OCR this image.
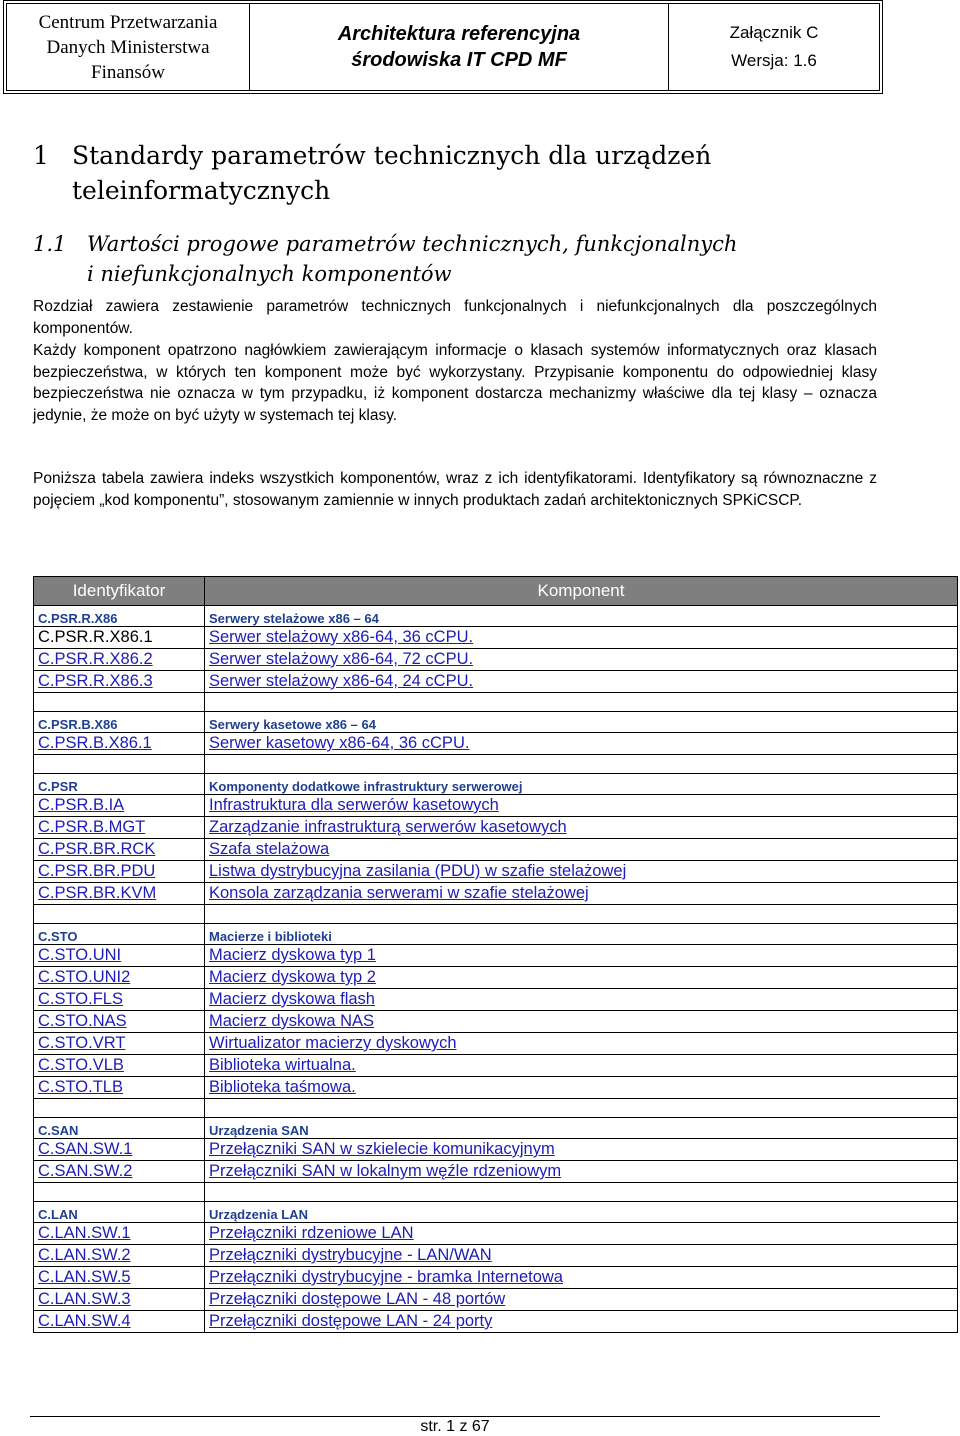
Centrum Przetwarzania
Danych Ministerstwa
Finansów
Architektura referencyjna
środowiska IT CPD MF
Załącznik C
Wersja: 1.6
1 Standardy parametrów technicznych dla urządzeń
teleinformatycznych
1.1 Wartości progowe parametrów technicznych, funkcjonalnych
i niefunkcjonalnych komponentów

Rozdział zawiera zestawienie parametrów technicznych funkcjonalnych i niefunkcjonalnych dla poszczególnych komponentów.

Każdy komponent opatrzono nagłówkiem zawierającym informacje o klasach systemów informatycznych oraz klasach bezpieczeństwa, w których ten komponent może być wykorzystany. Przypisanie komponentu do odpowiedniej klasy bezpieczeństwa nie oznacza w tym przypadku, iż komponent dostarcza mechanizmy właściwe dla tej klasy – oznacza jedynie, że może on być użyty w systemach tej klasy.

Poniższa tabela zawiera indeks wszystkich komponentów, wraz z ich identyfikatorami. Identyfikatory są równoznaczne z pojęciem „kod komponentu”, stosowanym zamiennie w innych produktach zadań architektonicznych SPKiCSCP.

Identyfikator	Komponent
C.PSR.R.X86	Serwery stelażowe x86 – 64
C.PSR.R.X86.1	Serwer stelażowy x86-64, 36 cCPU.
C.PSR.R.X86.2	Serwer stelażowy x86-64, 72 cCPU.
C.PSR.R.X86.3	Serwer stelażowy x86-64, 24 cCPU.

C.PSR.B.X86	Serwery kasetowe x86 – 64
C.PSR.B.X86.1	Serwer kasetowy x86-64, 36 cCPU.

C.PSR	Komponenty dodatkowe infrastruktury serwerowej
C.PSR.B.IA	Infrastruktura dla serwerów kasetowych
C.PSR.B.MGT	Zarządzanie infrastrukturą serwerów kasetowych
C.PSR.BR.RCK	Szafa stelażowa
C.PSR.BR.PDU	Listwa dystrybucyjna zasilania (PDU) w szafie stelażowej
C.PSR.BR.KVM	Konsola zarządzania serwerami w szafie stelażowej

C.STO	Macierze i biblioteki
C.STO.UNI	Macierz dyskowa typ 1
C.STO.UNI2	Macierz dyskowa typ 2
C.STO.FLS	Macierz dyskowa flash
C.STO.NAS	Macierz dyskowa NAS
C.STO.VRT	Wirtualizator macierzy dyskowych
C.STO.VLB	Biblioteka wirtualna.
C.STO.TLB	Biblioteka taśmowa.

C.SAN	Urządzenia SAN
C.SAN.SW.1	Przełączniki SAN w szkielecie komunikacyjnym
C.SAN.SW.2	Przełączniki SAN w lokalnym węźle rdzeniowym

C.LAN	Urządzenia LAN
C.LAN.SW.1	Przełączniki rdzeniowe LAN
C.LAN.SW.2	Przełączniki dystrybucyjne - LAN/WAN
C.LAN.SW.5	Przełączniki dystrybucyjne - bramka Internetowa
C.LAN.SW.3	Przełączniki dostępowe LAN - 48 portów
C.LAN.SW.4	Przełączniki dostępowe LAN - 24 porty
str. 1 z 67
